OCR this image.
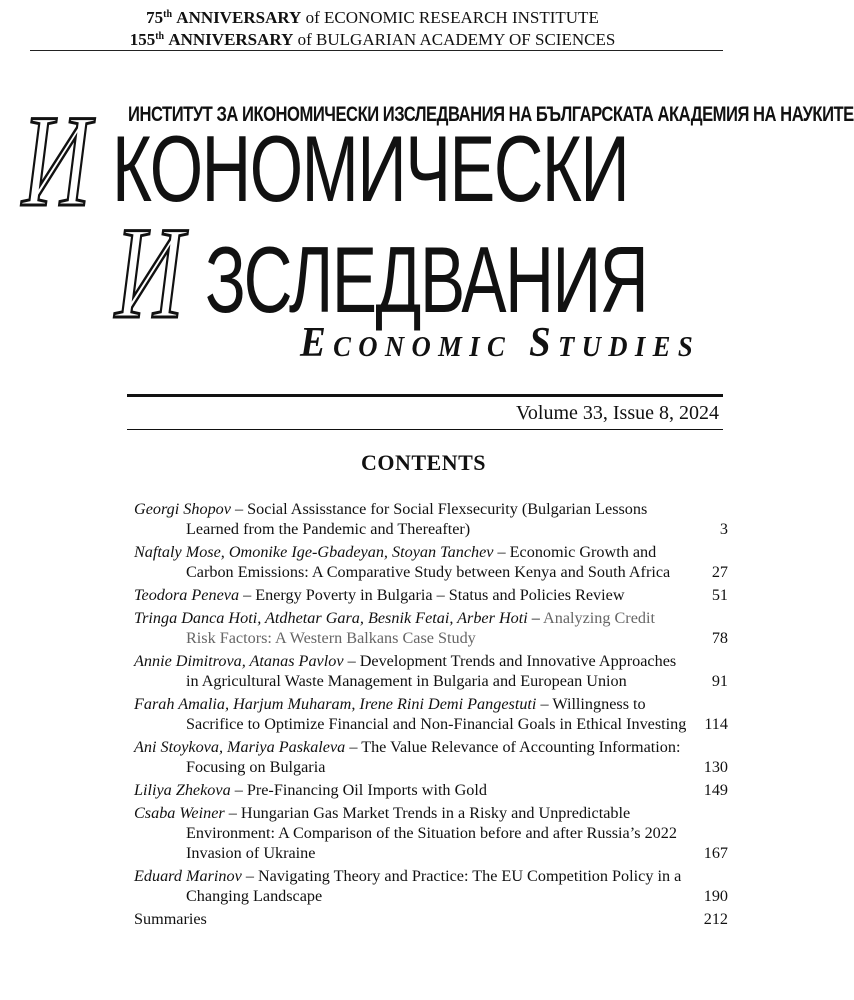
75th ANNIVERSARY of ECONOMIC RESEARCH INSTITUTE
155th ANNIVERSARY of BULGARIAN ACADEMY OF SCIENCES
И ИНСТИТУТ ЗА ИКОНОМИЧЕСКИ ИЗСЛЕДВАНИЯ НА БЪЛГАРСКАТА АКАДЕМИЯ НА НАУКИТЕ
КОНОМИЧЕСКИ
И ЗСЛЕДВАНИЯ
Economic Studies
Volume 33, Issue 8, 2024
CONTENTS
Georgi Shopov – Social Assisstance for Social Flexsecurity (Bulgarian Lessons Learned from the Pandemic and Thereafter)	3
Naftaly Mose, Omonike Ige-Gbadeyan, Stoyan Tanchev – Economic Growth and Carbon Emissions: A Comparative Study between Kenya and South Africa	27
Teodora Peneva – Energy Poverty in Bulgaria – Status and Policies Review	51
Tringa Danca Hoti, Atdhetar Gara, Besnik Fetai, Arber Hoti – Analyzing Credit Risk Factors: A Western Balkans Case Study	78
Annie Dimitrova, Atanas Pavlov – Development Trends and Innovative Approaches in Agricultural Waste Management in Bulgaria and European Union	91
Farah Amalia, Harjum Muharam, Irene Rini Demi Pangestuti – Willingness to Sacrifice to Optimize Financial and Non-Financial Goals in Ethical Investing	114
Ani Stoykova, Mariya Paskaleva – The Value Relevance of Accounting Information: Focusing on Bulgaria	130
Liliya Zhekova – Pre-Financing Oil Imports with Gold	149
Csaba Weiner – Hungarian Gas Market Trends in a Risky and Unpredictable Environment: A Comparison of the Situation before and after Russia’s 2022 Invasion of Ukraine	167
Eduard Marinov – Navigating Theory and Practice: The EU Competition Policy in a Changing Landscape	190
Summaries	212
